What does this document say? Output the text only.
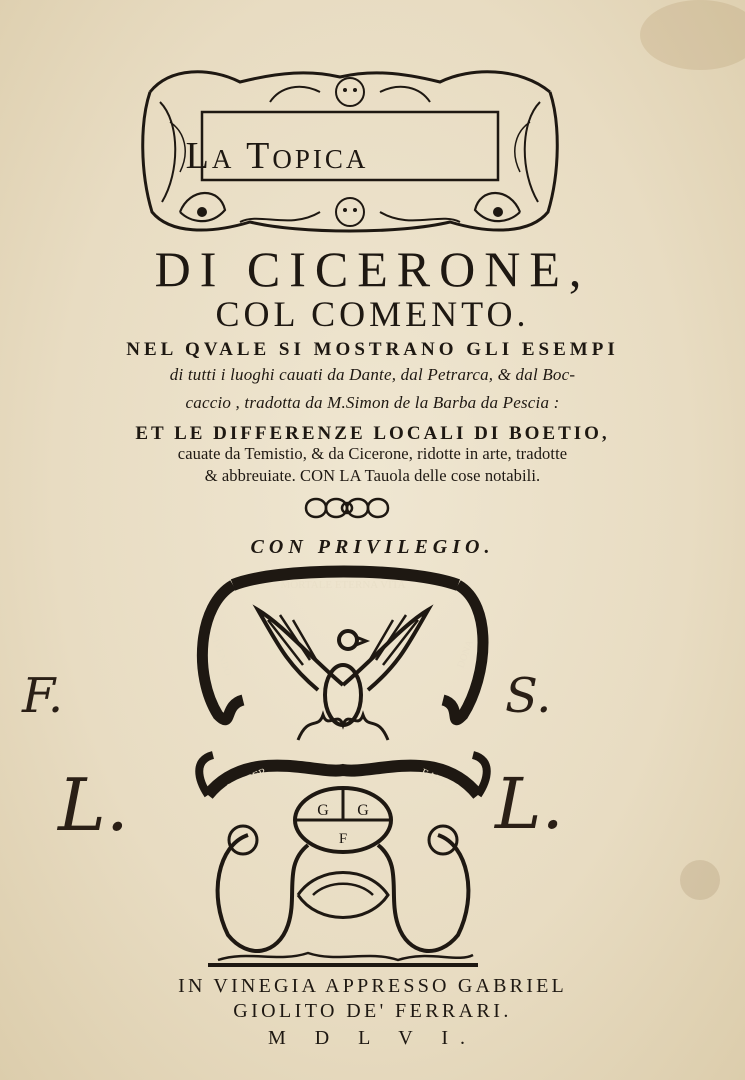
La Topica
DI CICERONE,
COL COMENTO.
NEL QVALE SI MOSTRANO GLI ESEMPI
di tutti i luoghi cauati da Dante, dal Petrarca, & dal Boc-
caccio , tradotta da M.Simon de la Barba da Pescia :
ET LE DIFFERENZE LOCALI DI BOETIO,
cauate da Temistio, & da Cicerone, ridotte in arte, tradotte
& abbreuiate. CON LA Tauola delle cose notabili.
CON PRIVILEGIO.
MORTALE ETERNA VITA
VIVENDO	DONA
SEMPER	EADEM
G G
F
F.	S.
L.	L.
IN VINEGIA APPRESSO GABRIEL
GIOLITO DE' FERRARI.
M D L V I.
